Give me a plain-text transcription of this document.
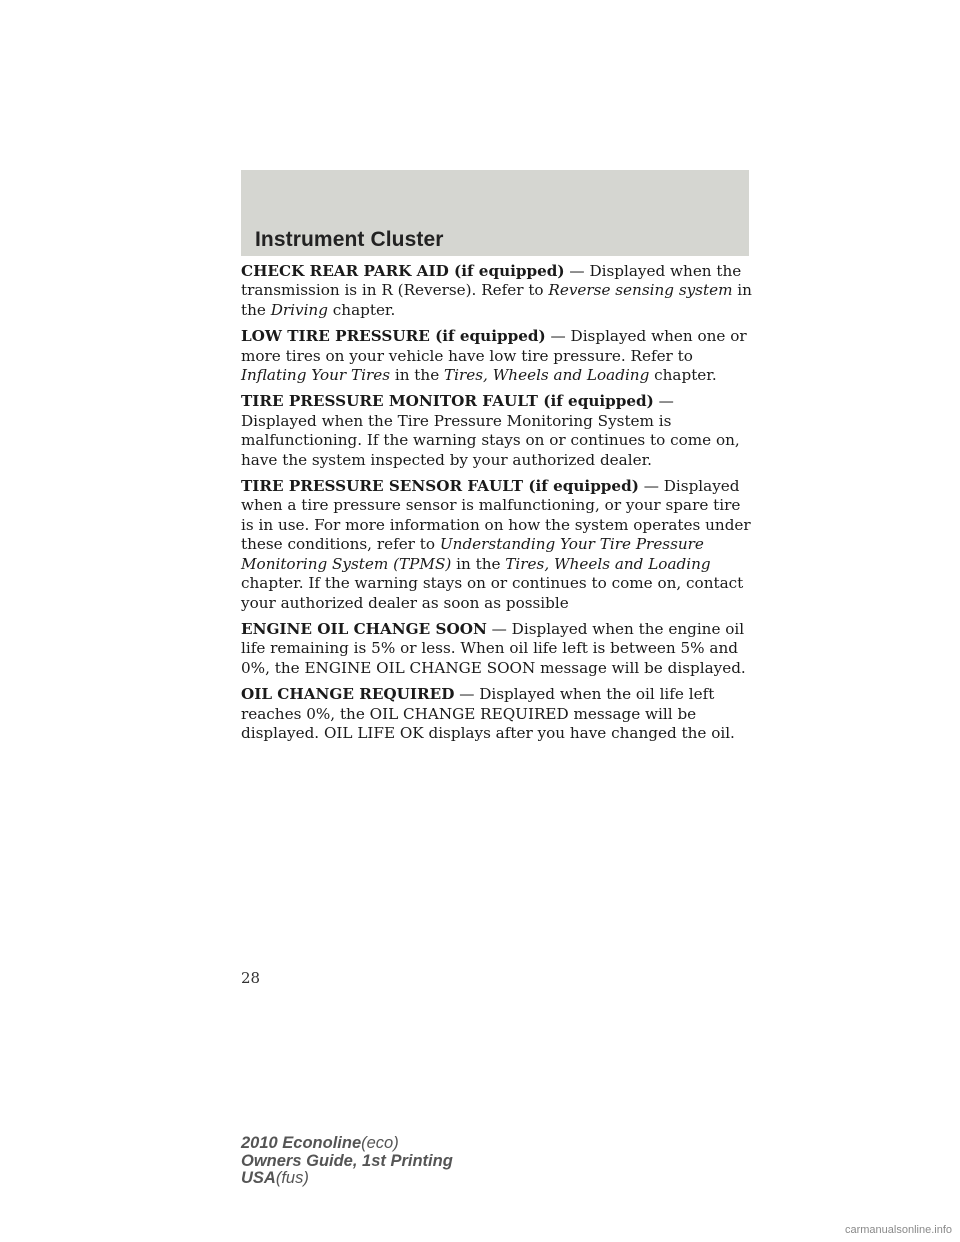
Instrument Cluster

CHECK REAR PARK AID (if equipped) — Displayed when the transmission is in R (Reverse). Refer to Reverse sensing system in the Driving chapter.

LOW TIRE PRESSURE (if equipped) — Displayed when one or more tires on your vehicle have low tire pressure. Refer to Inflating Your Tires in the Tires, Wheels and Loading chapter.

TIRE PRESSURE MONITOR FAULT (if equipped) — Displayed when the Tire Pressure Monitoring System is malfunctioning. If the warning stays on or continues to come on, have the system inspected by your authorized dealer.

TIRE PRESSURE SENSOR FAULT (if equipped) — Displayed when a tire pressure sensor is malfunctioning, or your spare tire is in use. For more information on how the system operates under these conditions, refer to Understanding Your Tire Pressure Monitoring System (TPMS) in the Tires, Wheels and Loading chapter. If the warning stays on or continues to come on, contact your authorized dealer as soon as possible

ENGINE OIL CHANGE SOON — Displayed when the engine oil life remaining is 5% or less. When oil life left is between 5% and 0%, the ENGINE OIL CHANGE SOON message will be displayed.

OIL CHANGE REQUIRED — Displayed when the oil life left reaches 0%, the OIL CHANGE REQUIRED message will be displayed. OIL LIFE OK displays after you have changed the oil.

28
2010 Econoline(eco)
Owners Guide, 1st Printing
USA(fus)
carmanualsonline.info
